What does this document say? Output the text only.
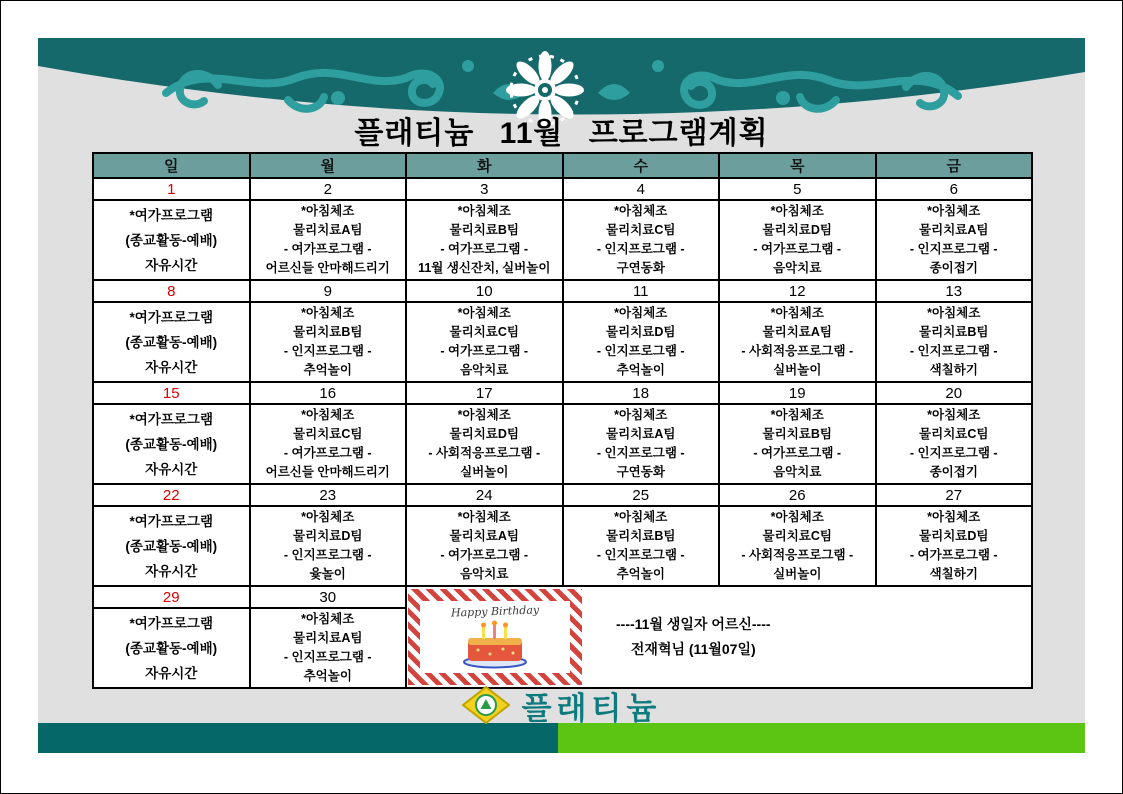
플래티늄 11월 프로그램계획
일	월	화	수	목	금
1	2	3	4	5	6

*여가프로그램
(종교활동-예배)
자유시간

*아침체조
물리치료A팀
- 여가프로그램 -
어르신들 안마해드리기

*아침체조
물리치료B팀
- 여가프로그램 -
11월 생신잔치, 실버놀이

*아침체조
물리치료C팀
- 인지프로그램 -
구연동화

*아침체조
물리치료D팀
- 여가프로그램 -
음악치료

*아침체조
물리치료A팀
- 인지프로그램 -
종이접기

8	9	10	11	12	13

*여가프로그램
(종교활동-예배)
자유시간

*아침체조
물리치료B팀
- 인지프로그램 -
추억놀이

*아침체조
물리치료C팀
- 여가프로그램 -
음악치료

*아침체조
물리치료D팀
- 인지프로그램 -
추억놀이

*아침체조
물리치료A팀
- 사회적응프로그램 -
실버놀이

*아침체조
물리치료B팀
- 인지프로그램 -
색칠하기

15	16	17	18	19	20

*여가프로그램
(종교활동-예배)
자유시간

*아침체조
물리치료C팀
- 여가프로그램 -
어르신들 안마해드리기

*아침체조
물리치료D팀
- 사회적응프로그램 -
실버놀이

*아침체조
물리치료A팀
- 인지프로그램 -
구연동화

*아침체조
물리치료B팀
- 여가프로그램 -
음악치료

*아침체조
물리치료C팀
- 인지프로그램 -
종이접기

22	23	24	25	26	27

*여가프로그램
(종교활동-예배)
자유시간

*아침체조
물리치료D팀
- 인지프로그램 -
윷놀이

*아침체조
물리치료A팀
- 여가프로그램 -
음악치료

*아침체조
물리치료B팀
- 인지프로그램 -
추억놀이

*아침체조
물리치료C팀
- 사회적응프로그램 -
실버놀이

*아침체조
물리치료D팀
- 여가프로그램 -
색칠하기

29	30	Happy Birthday
----11월 생일자 어르신----
전재혁님 (11월07일)			

*여가프로그램
(종교활동-예배)
자유시간

*아침체조
물리치료A팀
- 인지프로그램 -
추억놀이
플래티늄
